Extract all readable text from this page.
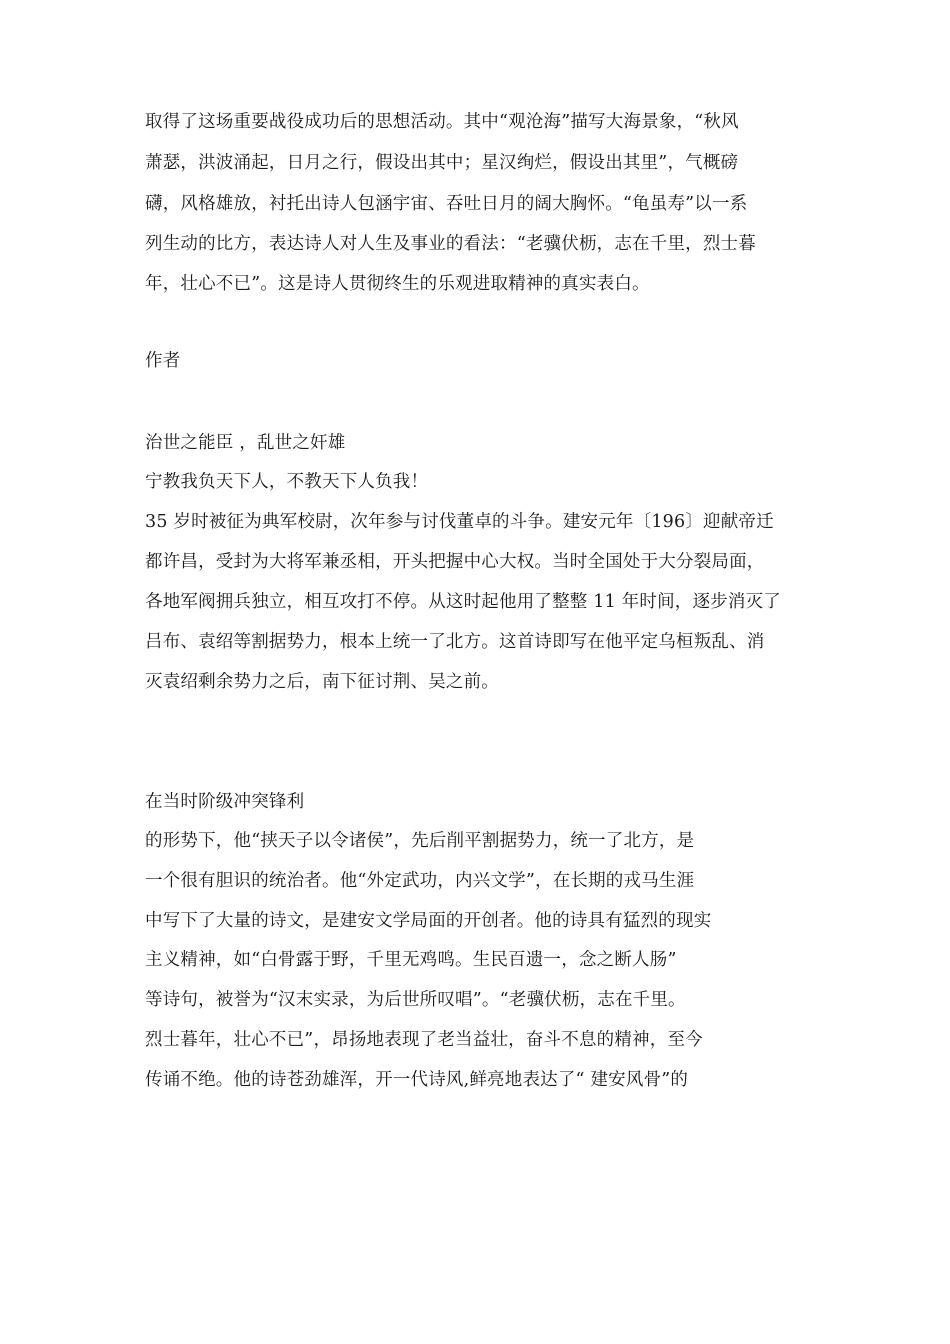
取得了这场重要战役成功后的思想活动。其中“观沧海”描写大海景象，“秋风
萧瑟，洪波涌起，日月之行，假设出其中；星汉绚烂，假设出其里”，气概磅
礴，风格雄放，衬托出诗人包涵宇宙、吞吐日月的阔大胸怀。“龟虽寿”以一系
列生动的比方，表达诗人对人生及事业的看法：“老骥伏枥，志在千里，烈士暮
年，壮心不已”。这是诗人贯彻终生的乐观进取精神的真实表白。
作者
治世之能臣 ，乱世之奸雄
宁教我负天下人，不教天下人负我！
35 岁时被征为典军校尉，次年参与讨伐董卓的斗争。建安元年〔196〕迎献帝迁
都许昌，受封为大将军兼丞相，开头把握中心大权。当时全国处于大分裂局面，
各地军阀拥兵独立，相互攻打不停。从这时起他用了整整 11 年时间，逐步消灭了
吕布、袁绍等割据势力，根本上统一了北方。这首诗即写在他平定乌桓叛乱、消
灭袁绍剩余势力之后，南下征讨荆、吴之前。
在当时阶级冲突锋利
的形势下，他“挟天子以令诸侯”，先后削平割据势力，统一了北方，是
一个很有胆识的统治者。他“外定武功，内兴文学”，在长期的戎马生涯
中写下了大量的诗文，是建安文学局面的开创者。他的诗具有猛烈的现实
主义精神，如“白骨露于野，千里无鸡鸣。生民百遗一，念之断人肠”
等诗句，被誉为“汉末实录，为后世所叹唱”。“老骥伏枥，志在千里。
烈士暮年，壮心不已”，昂扬地表现了老当益壮，奋斗不息的精神，至今
传诵不绝。他的诗苍劲雄浑，开一代诗风,鲜亮地表达了“ 建安风骨”的
